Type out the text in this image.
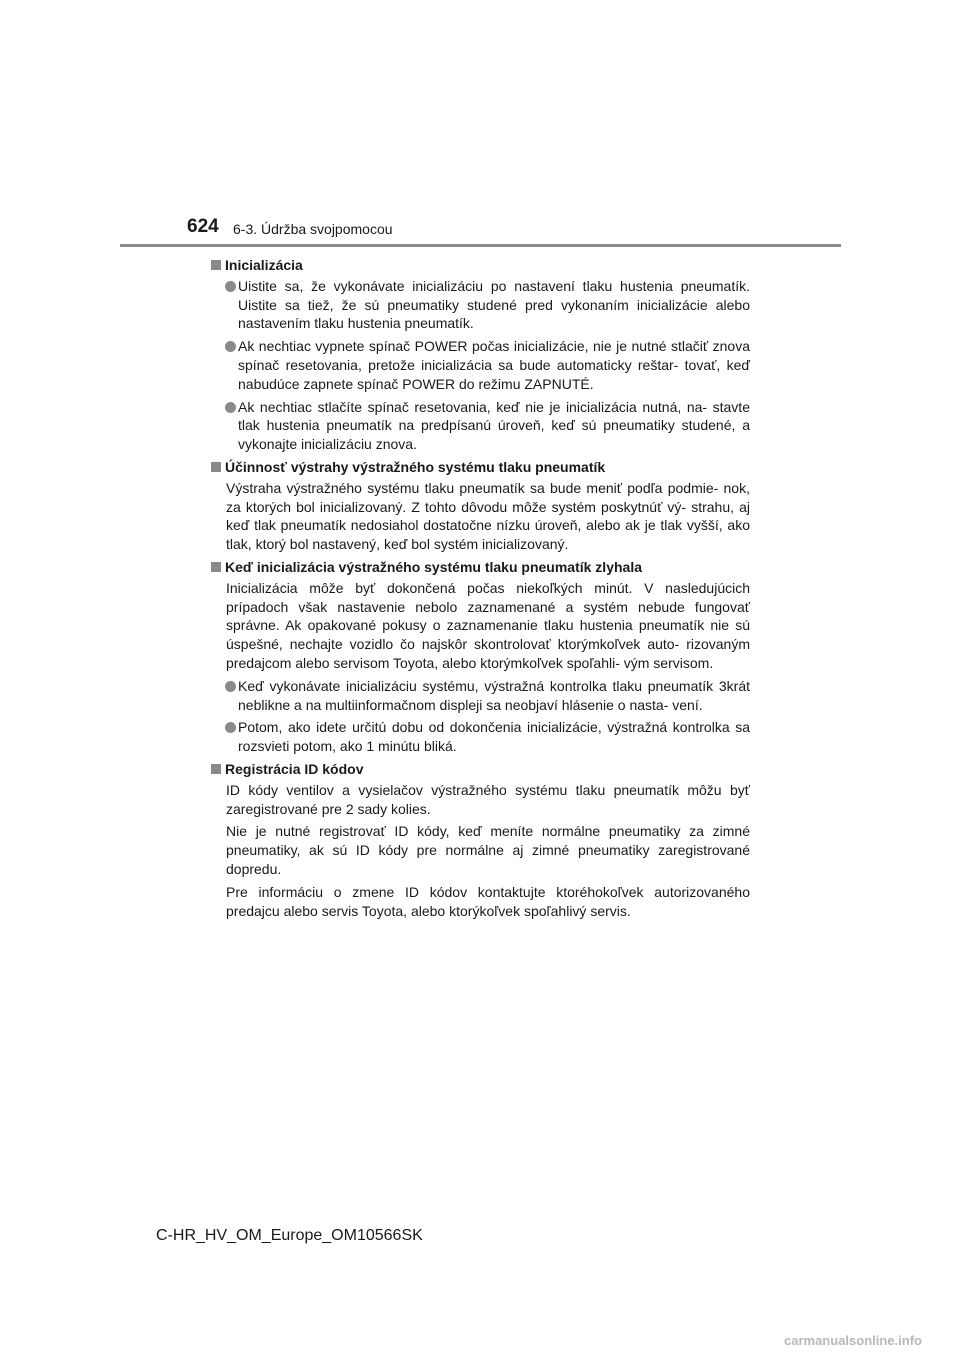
624 6-3. Údržba svojpomocou
Inicializácia
Uistite sa, že vykonávate inicializáciu po nastavení tlaku hustenia pneumatík. Uistite sa tiež, že sú pneumatiky studené pred vykonaním inicializácie alebo nastavením tlaku hustenia pneumatík.
Ak nechtiac vypnete spínač POWER počas inicializácie, nie je nutné stlačiť znova spínač resetovania, pretože inicializácia sa bude automaticky reštar- tovať, keď nabudúce zapnete spínač POWER do režimu ZAPNUTÉ.
Ak nechtiac stlačíte spínač resetovania, keď nie je inicializácia nutná, na- stavte tlak hustenia pneumatík na predpísanú úroveň, keď sú pneumatiky studené, a vykonajte inicializáciu znova.
Účinnosť výstrahy výstražného systému tlaku pneumatík
Výstraha výstražného systému tlaku pneumatík sa bude meniť podľa podmie- nok, za ktorých bol inicializovaný. Z tohto dôvodu môže systém poskytnúť vý- strahu, aj keď tlak pneumatík nedosiahol dostatočne nízku úroveň, alebo ak je tlak vyšší, ako tlak, ktorý bol nastavený, keď bol systém inicializovaný.
Keď inicializácia výstražného systému tlaku pneumatík zlyhala
Inicializácia môže byť dokončená počas niekoľkých minút. V nasledujúcich prípadoch však nastavenie nebolo zaznamenané a systém nebude fungovať správne. Ak opakované pokusy o zaznamenanie tlaku hustenia pneumatík nie sú úspešné, nechajte vozidlo čo najskôr skontrolovať ktorýmkoľvek auto- rizovaným predajcom alebo servisom Toyota, alebo ktorýmkoľvek spoľahli- vým servisom.
Keď vykonávate inicializáciu systému, výstražná kontrolka tlaku pneumatík 3krát neblikne a na multiinformačnom displeji sa neobjaví hlásenie o nasta- vení.
Potom, ako idete určitú dobu od dokončenia inicializácie, výstražná kontrolka sa rozsvieti potom, ako 1 minútu bliká.
Registrácia ID kódov
ID kódy ventilov a vysielačov výstražného systému tlaku pneumatík môžu byť zaregistrované pre 2 sady kolies.
Nie je nutné registrovať ID kódy, keď meníte normálne pneumatiky za zimné pneumatiky, ak sú ID kódy pre normálne aj zimné pneumatiky zaregistrované dopredu.
Pre informáciu o zmene ID kódov kontaktujte ktoréhokoľvek autorizovaného predajcu alebo servis Toyota, alebo ktorýkoľvek spoľahlivý servis.
C-HR_HV_OM_Europe_OM10566SK
carmanualsonline.info
